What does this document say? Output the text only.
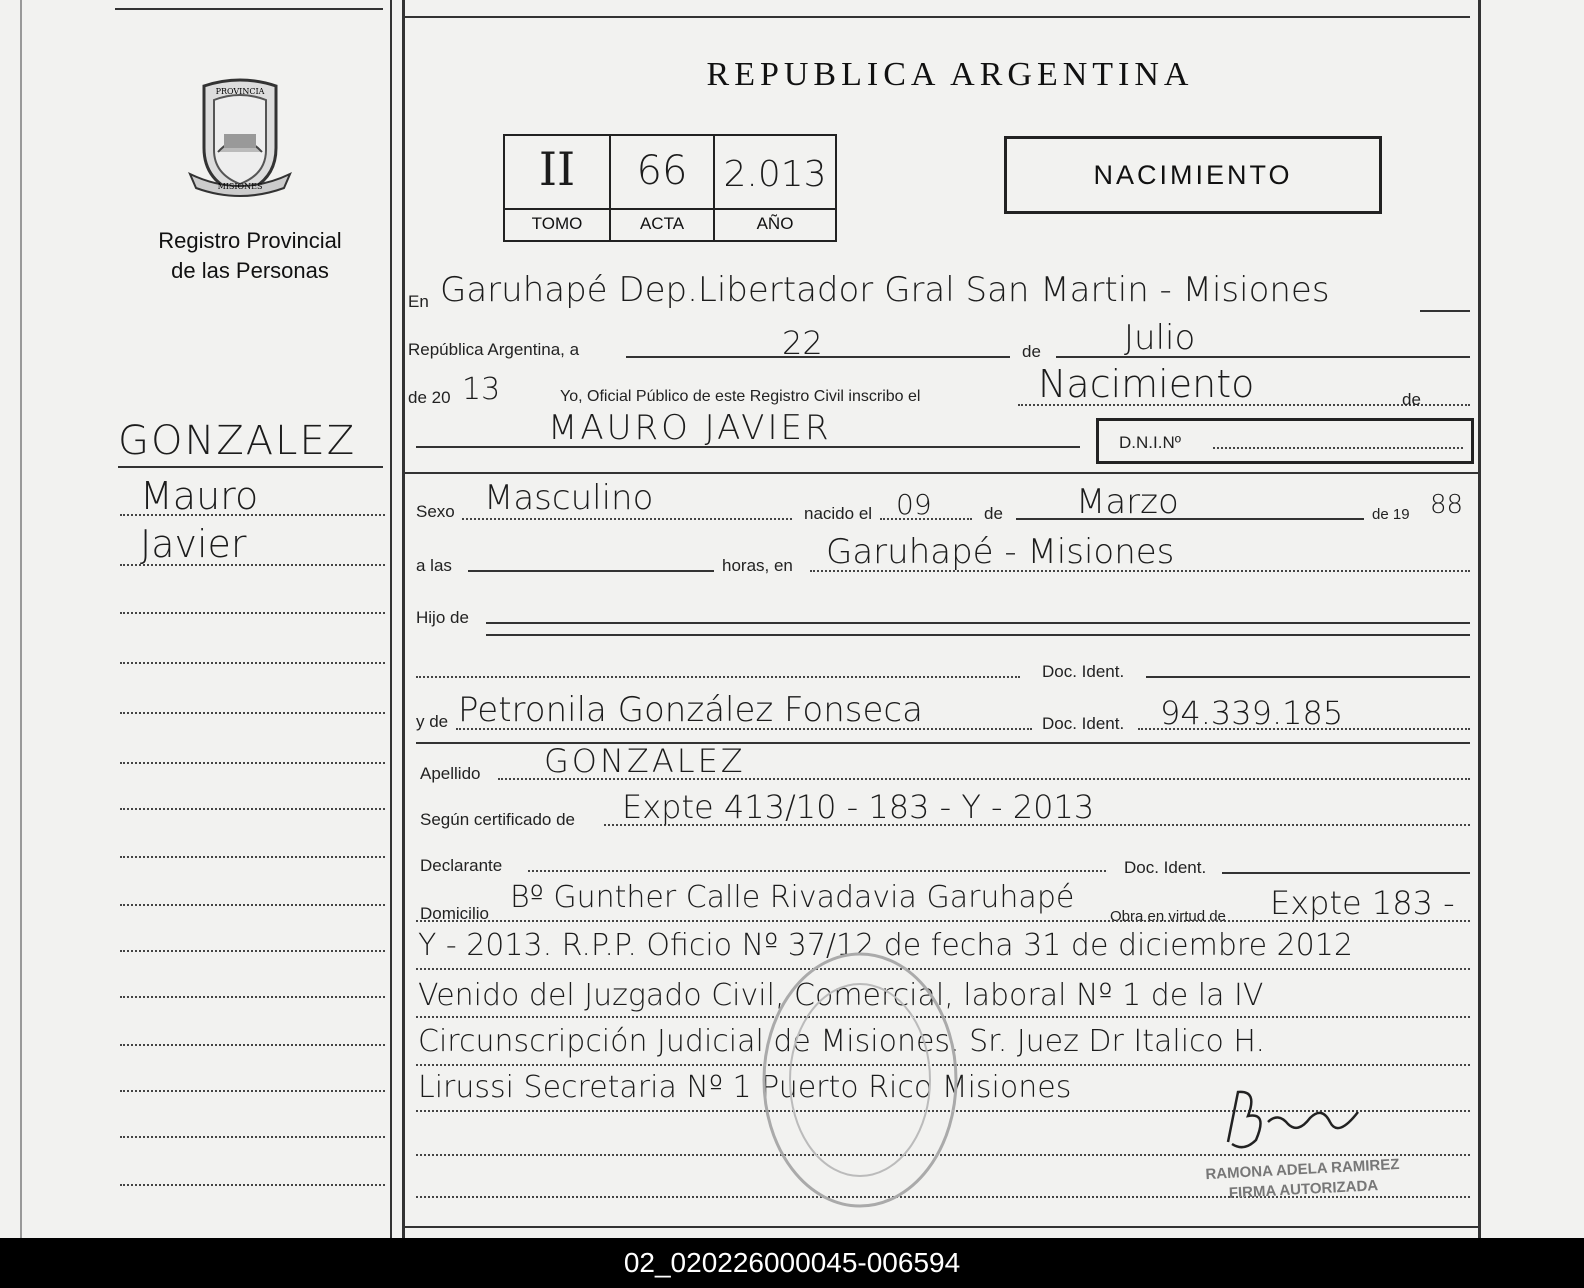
PROVINCIA
MISIONES
Registro Provincial
de las Personas
GONZALEZ
Mauro
Javier
REPUBLICA ARGENTINA
II	66	2.013
TOMO	ACTA	AÑO
NACIMIENTO
En Garuhapé Dep.Libertador Gral San Martin - Misiones
República Argentina, a	22	de Julio
de 20 13	Yo, Oficial Público de este Registro Civil inscribo el	Nacimiento	de
MAURO JAVIER	D.N.I.Nº
Sexo Masculino	nacido el 09	de Marzo	de 19 88
a las	horas, en Garuhapé - Misiones
Hijo de
Doc. Ident.
y de Petronila González Fonseca	Doc. Ident. 94.339.185
Apellido GONZALEZ
Según certificado de Expte 413/10 - 183 - Y - 2013
Declarante	Doc. Ident.
Domicilio Bº Gunther Calle Rivadavia Garuhapé
Obra en virtud de Expte 183 -
Y - 2013. R.P.P. Oficio Nº 37/12 de fecha 31 de diciembre 2012
Venido del Juzgado Civil, Comercial, laboral Nº 1 de la IV
Circunscripción Judicial de Misiones. Sr. Juez Dr Italico H.
Lirussi Secretaria Nº 1 Puerto Rico Misiones
RAMONA ADELA RAMIREZ
FIRMA AUTORIZADA
02_020226000045-006594
